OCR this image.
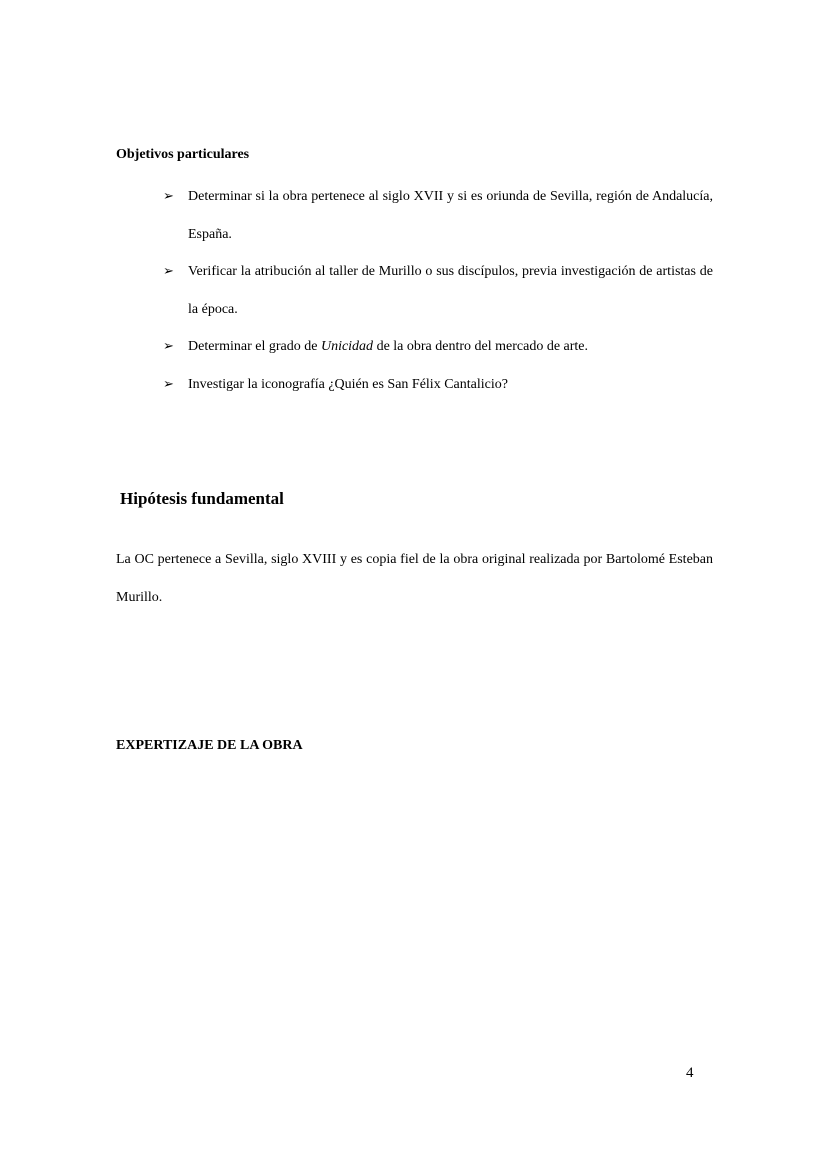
Objetivos particulares
➢ Determinar si la obra pertenece al siglo XVII y si es oriunda de Sevilla, región de Andalucía, España.
➢ Verificar la atribución al taller de Murillo o sus discípulos, previa investigación de artistas de la época.
➢ Determinar el grado de Unicidad de la obra dentro del mercado de arte.
➢ Investigar la iconografía ¿Quién es San Félix Cantalicio?
Hipótesis fundamental

La OC pertenece a Sevilla, siglo XVIII y es copia fiel de la obra original realizada por Bartolomé Esteban Murillo.

EXPERTIZAJE DE LA OBRA
4
